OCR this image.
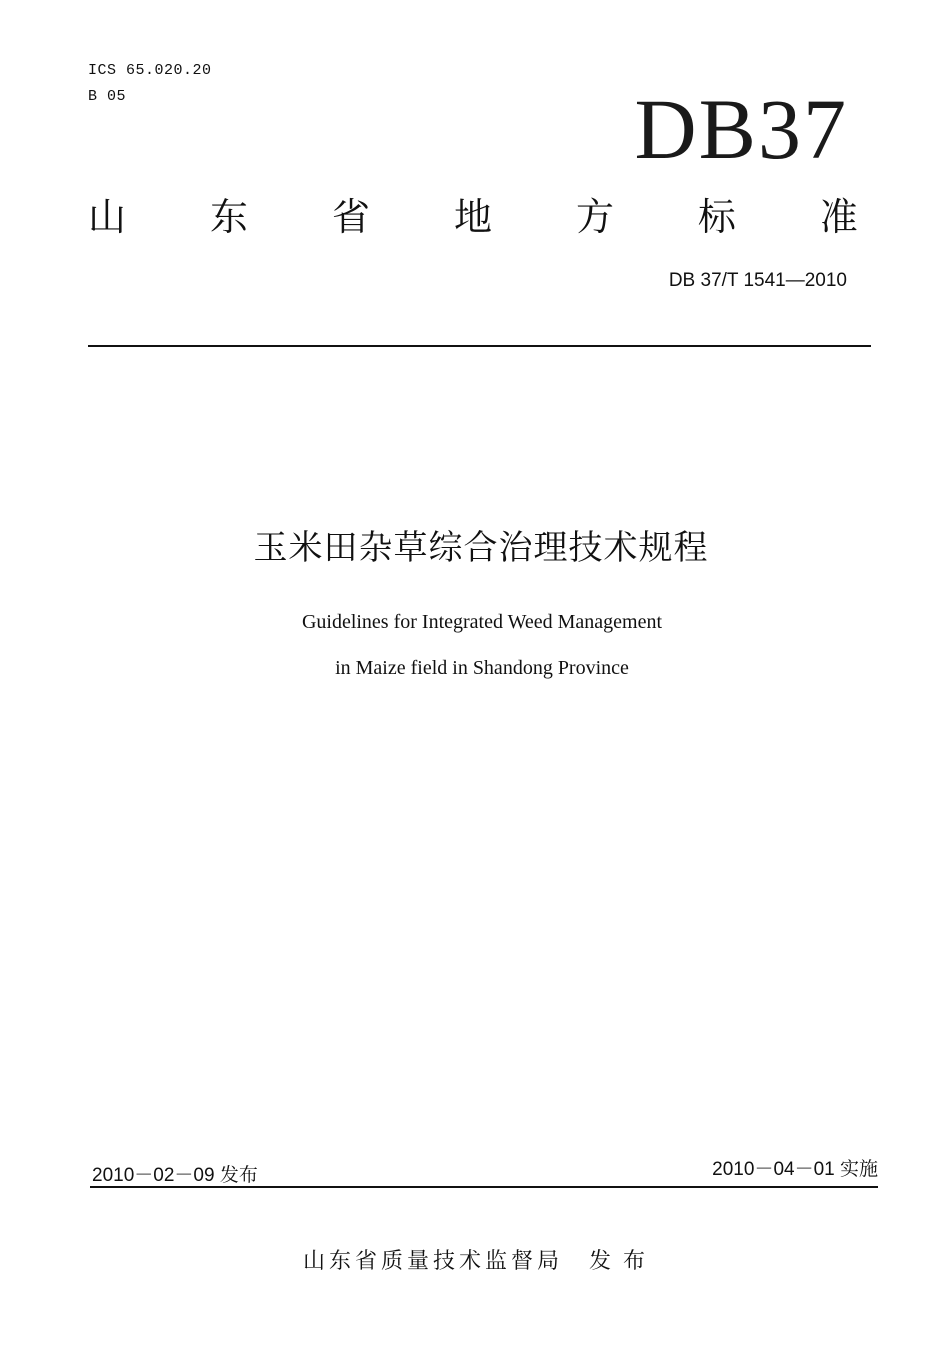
ICS 65.020.20
B 05	DB37
山 东 省 地 方 标 准
DB 37/T 1541—2010
玉米田杂草综合治理技术规程
Guidelines for Integrated Weed Management
in Maize field in Shandong Province
2010－02－09 发布	2010－04－01 实施
山东省质量技术监督局 发布
